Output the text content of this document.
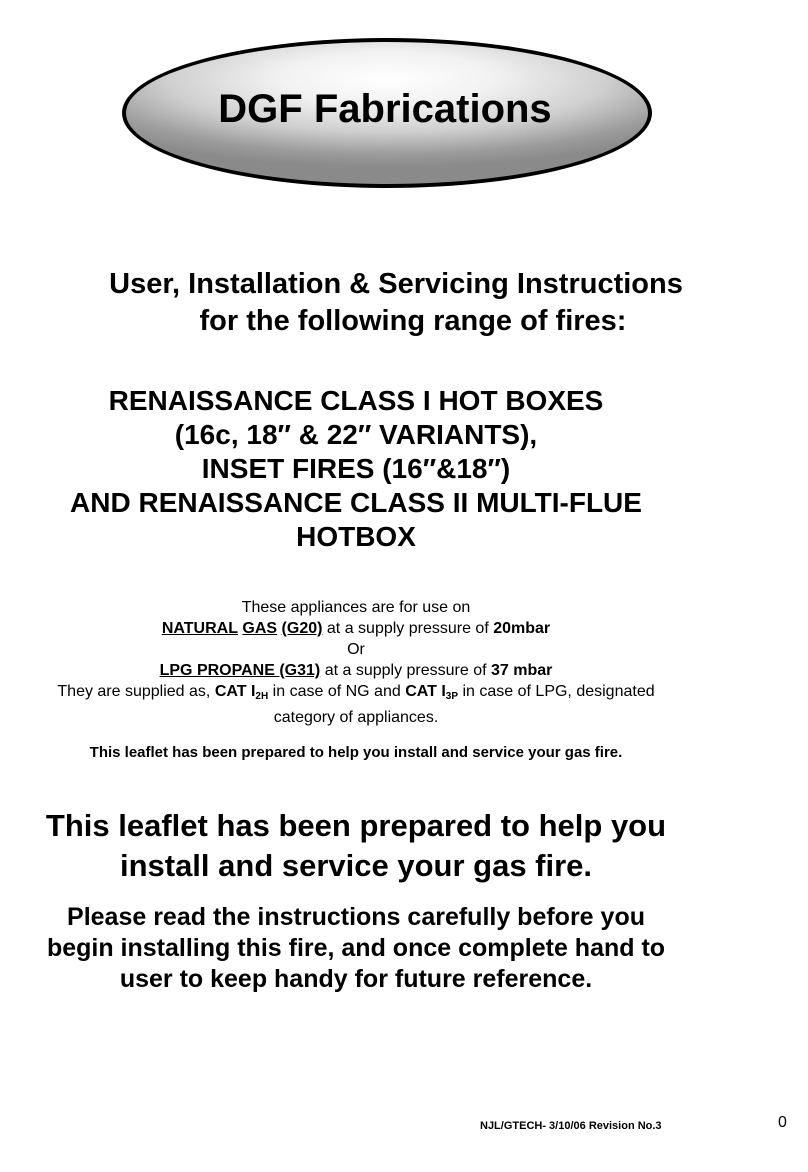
DGF Fabrications
User, Installation & Servicing Instructions
for the following range of fires:
RENAISSANCE CLASS I HOT BOXES
(16c, 18″ & 22″ VARIANTS),
INSET FIRES (16″&18″)
AND RENAISSANCE CLASS II MULTI-FLUE
HOTBOX
These appliances are for use on
NATURAL GAS (G20) at a supply pressure of 20mbar
Or
LPG PROPANE (G31) at a supply pressure of 37 mbar
They are supplied as, CAT $I_{2H}$ in case of NG and CAT $I_{3P}$ in case of LPG, designated
category of appliances.
This leaflet has been prepared to help you install and service your gas fire.
This leaflet has been prepared to help you
install and service your gas fire.
Please read the instructions carefully before you
begin installing this fire, and once complete hand to
user to keep handy for future reference.
NJL/GTECH- 3/10/06 Revision No.3	0
